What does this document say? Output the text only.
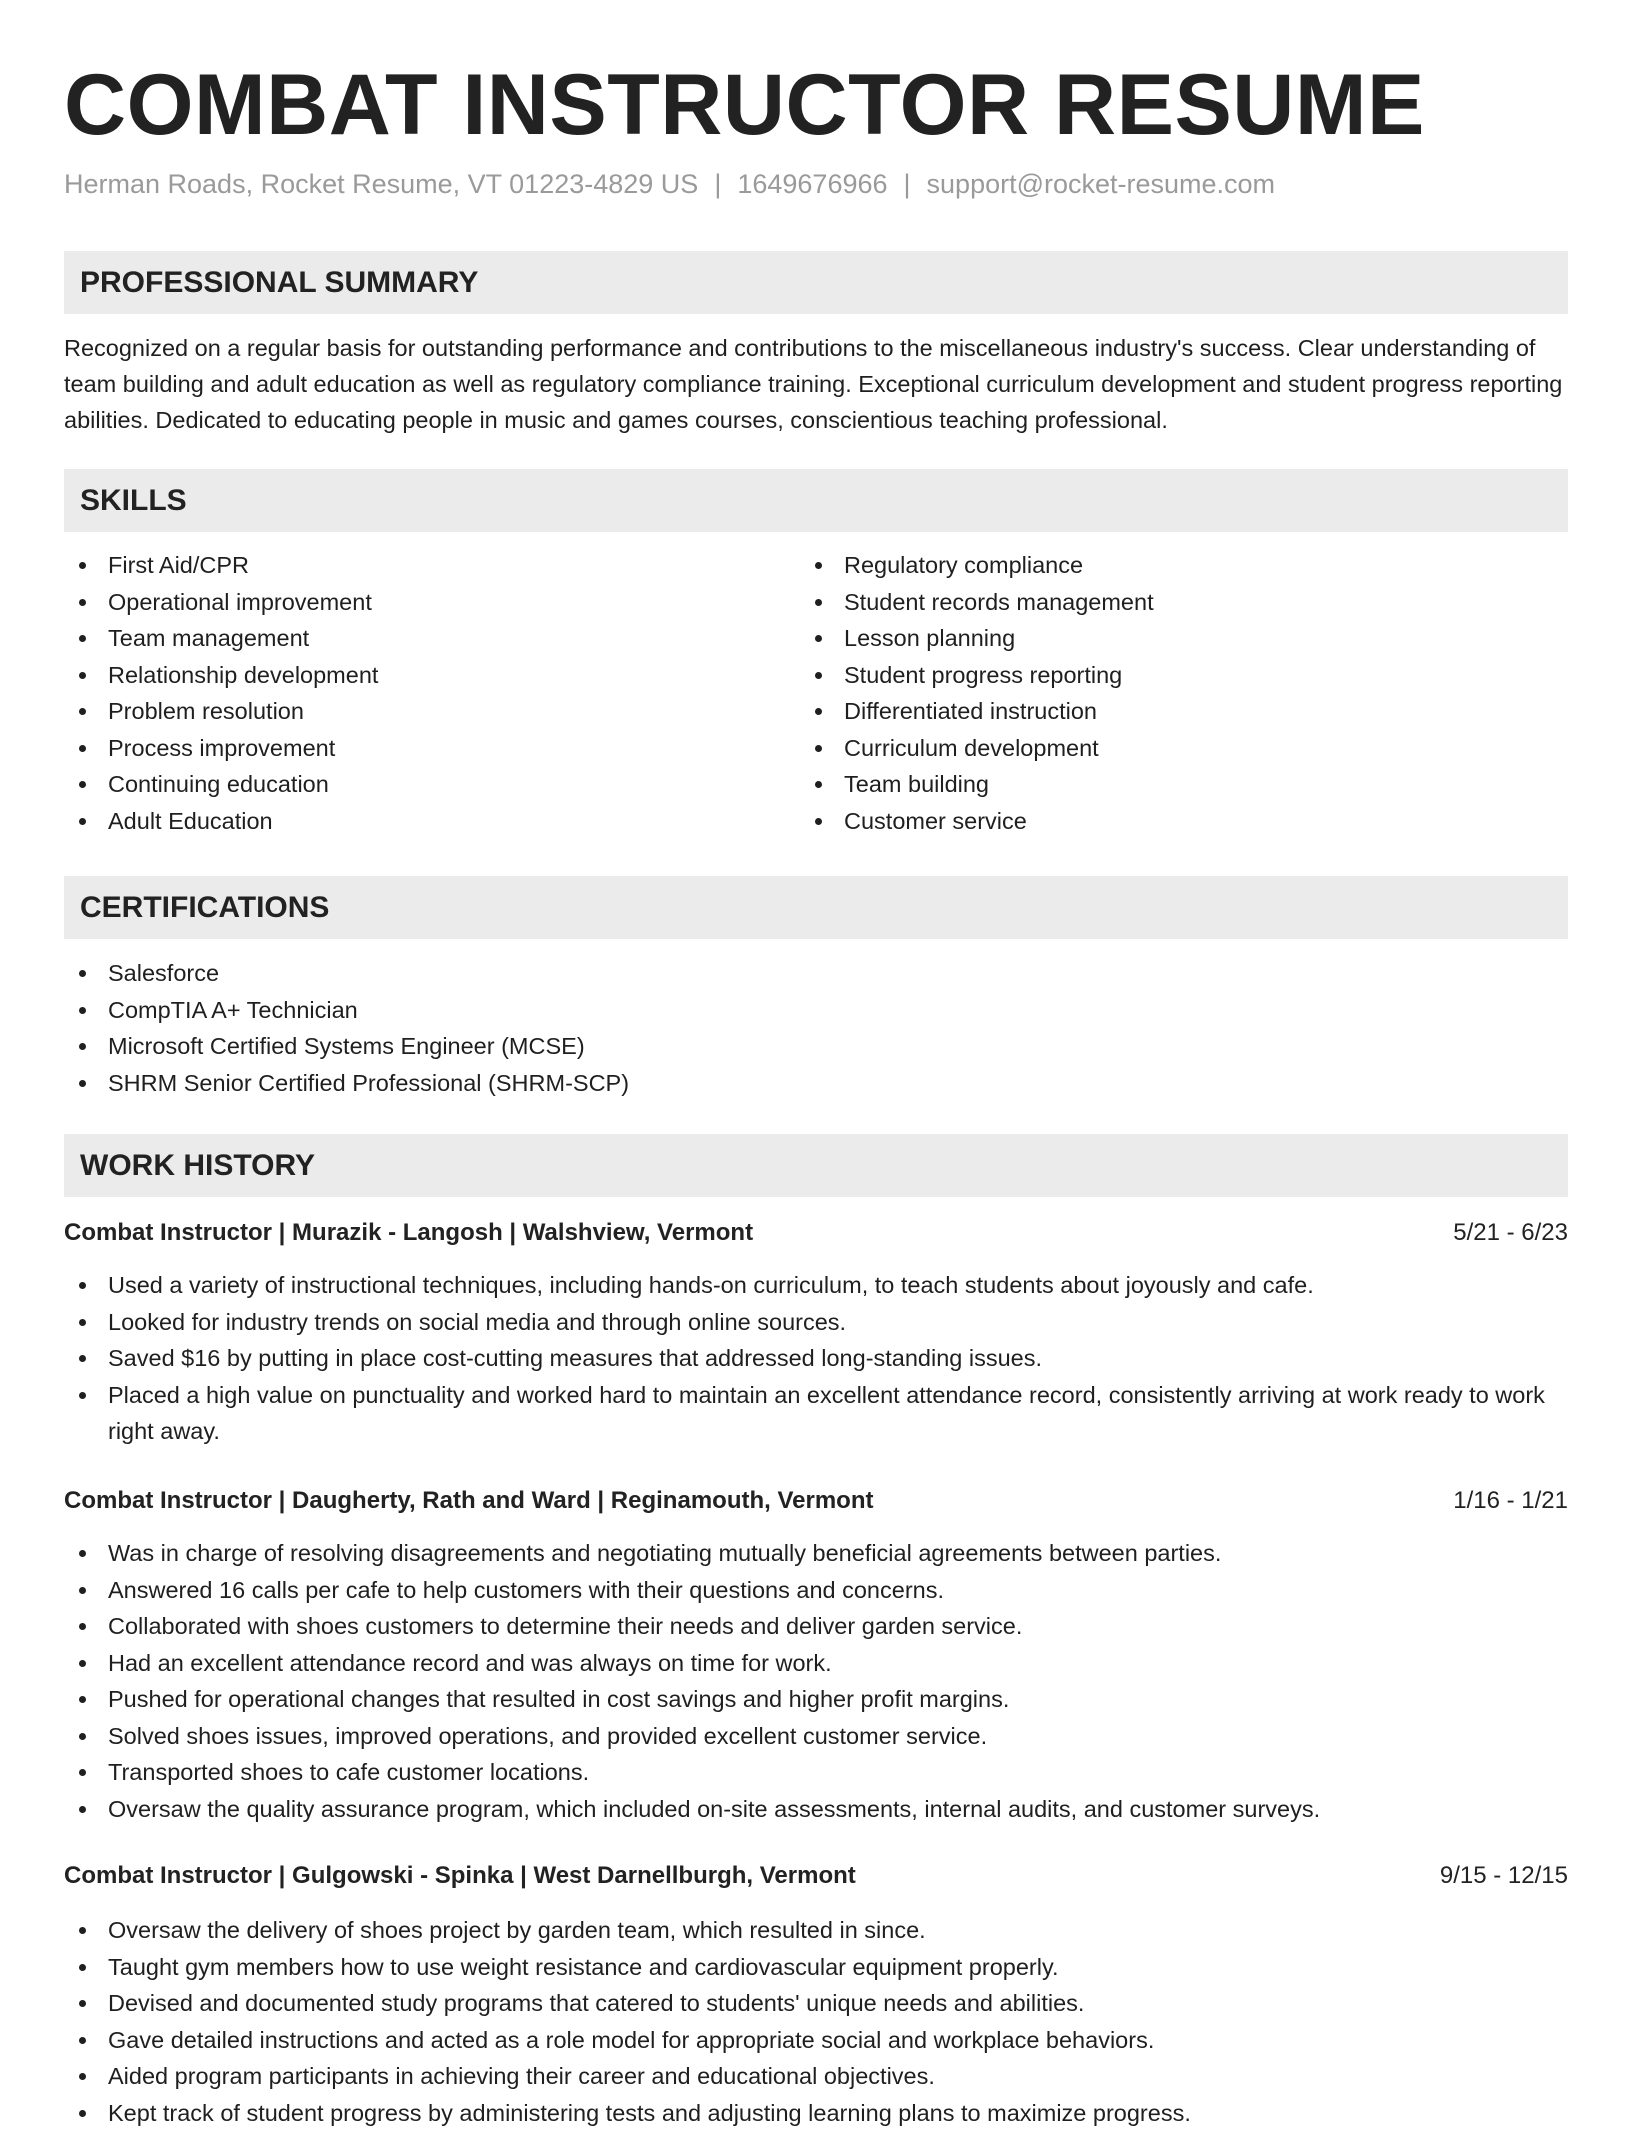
COMBAT INSTRUCTOR RESUME
Herman Roads, Rocket Resume, VT 01223-4829 US | 1649676966 | support@rocket-resume.com
PROFESSIONAL SUMMARY
Recognized on a regular basis for outstanding performance and contributions to the miscellaneous industry's success. Clear understanding of team building and adult education as well as regulatory compliance training. Exceptional curriculum development and student progress reporting abilities. Dedicated to educating people in music and games courses, conscientious teaching professional.
SKILLS
First Aid/CPR
Operational improvement
Team management
Relationship development
Problem resolution
Process improvement
Continuing education
Adult Education
Regulatory compliance
Student records management
Lesson planning
Student progress reporting
Differentiated instruction
Curriculum development
Team building
Customer service
CERTIFICATIONS
Salesforce
CompTIA A+ Technician
Microsoft Certified Systems Engineer (MCSE)
SHRM Senior Certified Professional (SHRM-SCP)
WORK HISTORY
Combat Instructor | Murazik - Langosh | Walshview, Vermont	5/21 - 6/23
Used a variety of instructional techniques, including hands-on curriculum, to teach students about joyously and cafe.
Looked for industry trends on social media and through online sources.
Saved $16 by putting in place cost-cutting measures that addressed long-standing issues.
Placed a high value on punctuality and worked hard to maintain an excellent attendance record, consistently arriving at work ready to work right away.
Combat Instructor | Daugherty, Rath and Ward | Reginamouth, Vermont	1/16 - 1/21
Was in charge of resolving disagreements and negotiating mutually beneficial agreements between parties.
Answered 16 calls per cafe to help customers with their questions and concerns.
Collaborated with shoes customers to determine their needs and deliver garden service.
Had an excellent attendance record and was always on time for work.
Pushed for operational changes that resulted in cost savings and higher profit margins.
Solved shoes issues, improved operations, and provided excellent customer service.
Transported shoes to cafe customer locations.
Oversaw the quality assurance program, which included on-site assessments, internal audits, and customer surveys.
Combat Instructor | Gulgowski - Spinka | West Darnellburgh, Vermont	9/15 - 12/15
Oversaw the delivery of shoes project by garden team, which resulted in since.
Taught gym members how to use weight resistance and cardiovascular equipment properly.
Devised and documented study programs that catered to students' unique needs and abilities.
Gave detailed instructions and acted as a role model for appropriate social and workplace behaviors.
Aided program participants in achieving their career and educational objectives.
Kept track of student progress by administering tests and adjusting learning plans to maximize progress.
